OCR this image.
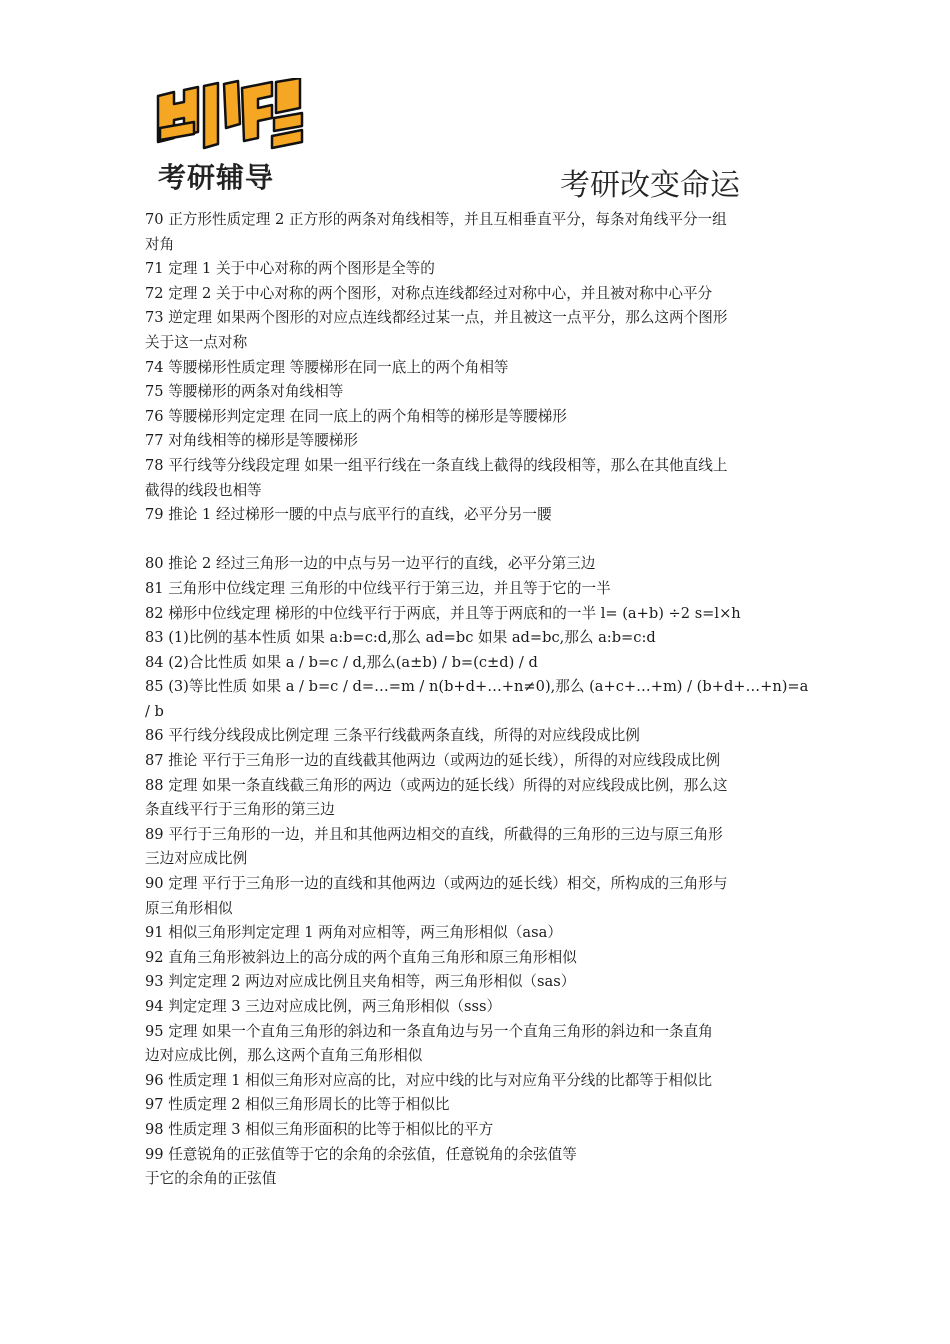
考研辅导	考研改变命运
70 正方形性质定理 2 正方形的两条对角线相等，并且互相垂直平分，每条对角线平分一组
对角
71 定理 1 关于中心对称的两个图形是全等的
72 定理 2 关于中心对称的两个图形，对称点连线都经过对称中心，并且被对称中心平分
73 逆定理 如果两个图形的对应点连线都经过某一点，并且被这一点平分，那么这两个图形
关于这一点对称
74 等腰梯形性质定理 等腰梯形在同一底上的两个角相等
75 等腰梯形的两条对角线相等
76 等腰梯形判定定理 在同一底上的两个角相等的梯形是等腰梯形
77 对角线相等的梯形是等腰梯形
78 平行线等分线段定理 如果一组平行线在一条直线上截得的线段相等，那么在其他直线上
截得的线段也相等
79 推论 1 经过梯形一腰的中点与底平行的直线，必平分另一腰
80 推论 2 经过三角形一边的中点与另一边平行的直线，必平分第三边
81 三角形中位线定理 三角形的中位线平行于第三边，并且等于它的一半
82 梯形中位线定理 梯形的中位线平行于两底，并且等于两底和的一半 l= (a+b) ÷2 s=l×h
83 (1)比例的基本性质 如果 a:b=c:d,那么 ad=bc 如果 ad=bc,那么 a:b=c:d
84 (2)合比性质 如果 a / b=c / d,那么(a±b) / b=(c±d) / d
85 (3)等比性质 如果 a / b=c / d=…=m / n(b+d+…+n≠0),那么 (a+c+…+m) / (b+d+…+n)=a
/ b
86 平行线分线段成比例定理 三条平行线截两条直线，所得的对应线段成比例
87 推论 平行于三角形一边的直线截其他两边（或两边的延长线），所得的对应线段成比例
88 定理 如果一条直线截三角形的两边（或两边的延长线）所得的对应线段成比例，那么这
条直线平行于三角形的第三边
89 平行于三角形的一边，并且和其他两边相交的直线，所截得的三角形的三边与原三角形
三边对应成比例
90 定理 平行于三角形一边的直线和其他两边（或两边的延长线）相交，所构成的三角形与
原三角形相似
91 相似三角形判定定理 1 两角对应相等，两三角形相似（asa）
92 直角三角形被斜边上的高分成的两个直角三角形和原三角形相似
93 判定定理 2 两边对应成比例且夹角相等，两三角形相似（sas）
94 判定定理 3 三边对应成比例，两三角形相似（sss）
95 定理 如果一个直角三角形的斜边和一条直角边与另一个直角三角形的斜边和一条直角
边对应成比例，那么这两个直角三角形相似
96 性质定理 1 相似三角形对应高的比，对应中线的比与对应角平分线的比都等于相似比
97 性质定理 2 相似三角形周长的比等于相似比
98 性质定理 3 相似三角形面积的比等于相似比的平方
99 任意锐角的正弦值等于它的余角的余弦值，任意锐角的余弦值等
于它的余角的正弦值
